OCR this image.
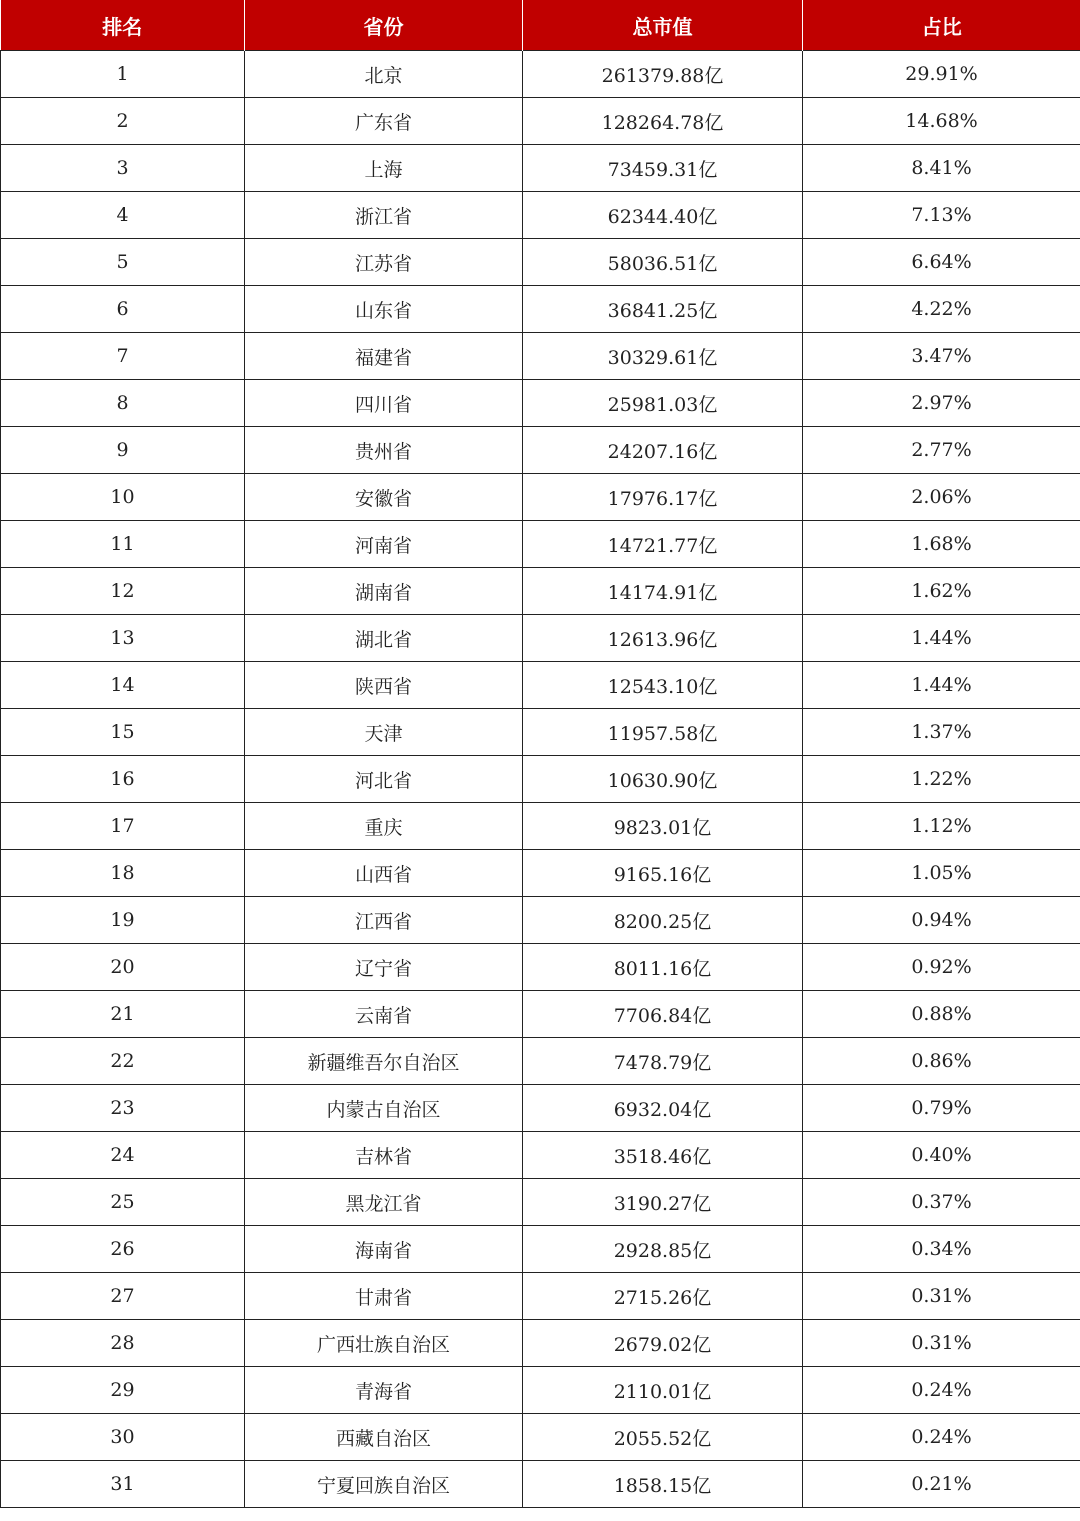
排名	省份	总市值	占比
1	北京	261379.88亿	29.91%
2	广东省	128264.78亿	14.68%
3	上海	73459.31亿	8.41%
4	浙江省	62344.40亿	7.13%
5	江苏省	58036.51亿	6.64%
6	山东省	36841.25亿	4.22%
7	福建省	30329.61亿	3.47%
8	四川省	25981.03亿	2.97%
9	贵州省	24207.16亿	2.77%
10	安徽省	17976.17亿	2.06%
11	河南省	14721.77亿	1.68%
12	湖南省	14174.91亿	1.62%
13	湖北省	12613.96亿	1.44%
14	陕西省	12543.10亿	1.44%
15	天津	11957.58亿	1.37%
16	河北省	10630.90亿	1.22%
17	重庆	9823.01亿	1.12%
18	山西省	9165.16亿	1.05%
19	江西省	8200.25亿	0.94%
20	辽宁省	8011.16亿	0.92%
21	云南省	7706.84亿	0.88%
22	新疆维吾尔自治区	7478.79亿	0.86%
23	内蒙古自治区	6932.04亿	0.79%
24	吉林省	3518.46亿	0.40%
25	黑龙江省	3190.27亿	0.37%
26	海南省	2928.85亿	0.34%
27	甘肃省	2715.26亿	0.31%
28	广西壮族自治区	2679.02亿	0.31%
29	青海省	2110.01亿	0.24%
30	西藏自治区	2055.52亿	0.24%
31	宁夏回族自治区	1858.15亿	0.21%
